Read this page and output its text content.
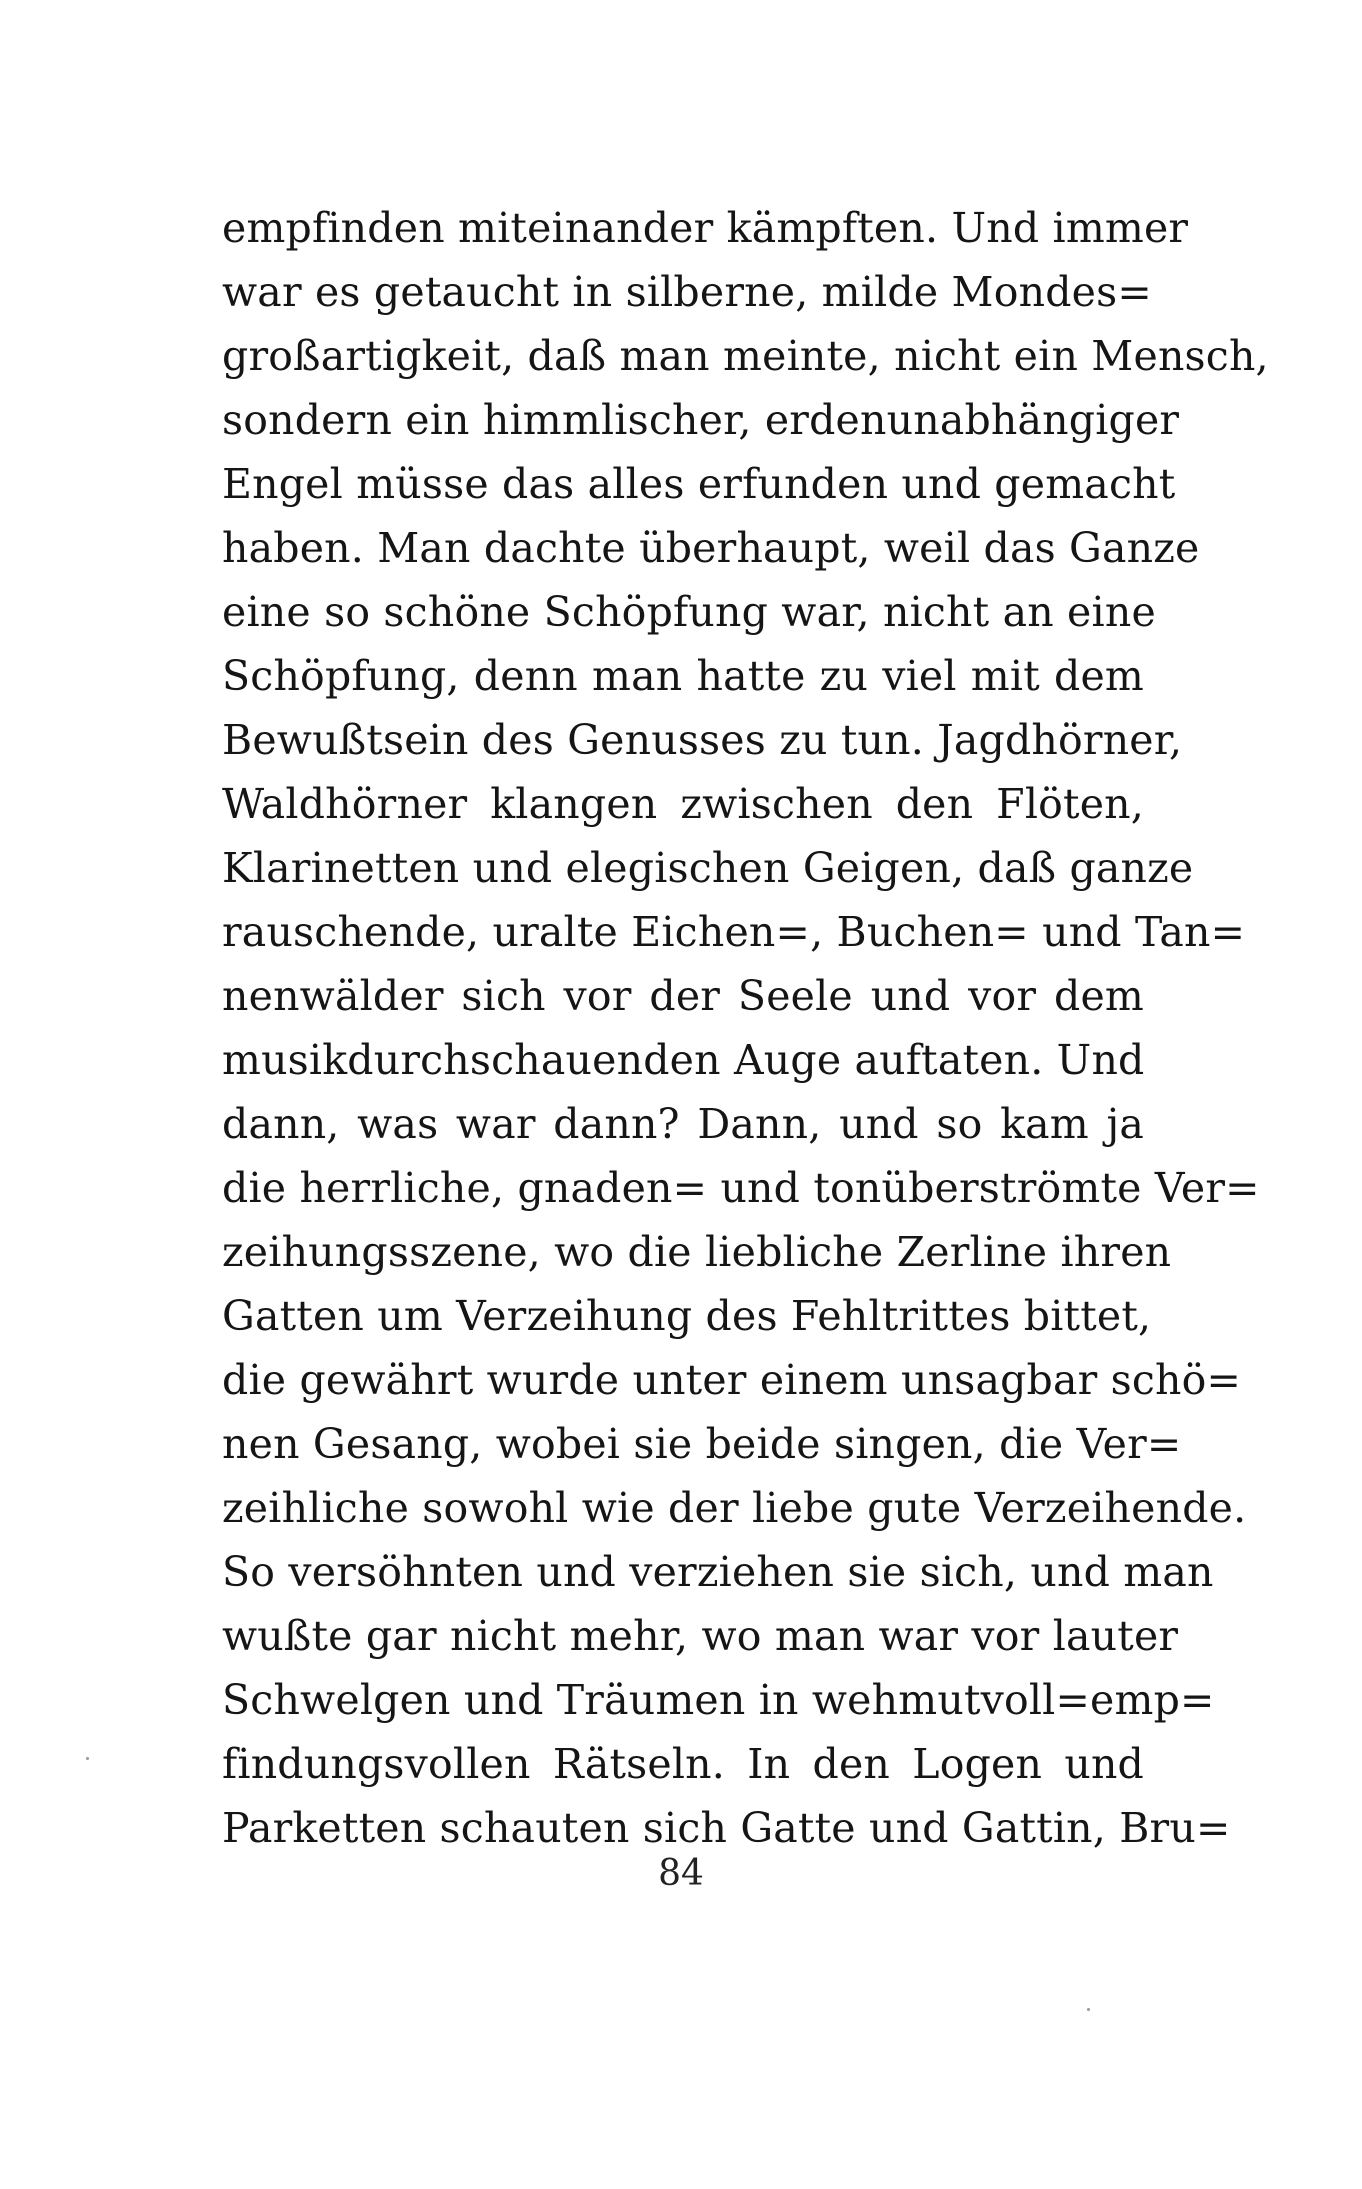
empfinden miteinander kämpften. Und immer
war es getaucht in silberne, milde Mondes=
großartigkeit, daß man meinte, nicht ein Mensch,
sondern ein himmlischer, erdenunabhängiger
Engel müsse das alles erfunden und gemacht
haben. Man dachte überhaupt, weil das Ganze
eine so schöne Schöpfung war, nicht an eine
Schöpfung, denn man hatte zu viel mit dem
Bewußtsein des Genusses zu tun. Jagdhörner,
Waldhörner klangen zwischen den Flöten,
Klarinetten und elegischen Geigen, daß ganze
rauschende, uralte Eichen=, Buchen= und Tan=
nenwälder sich vor der Seele und vor dem
musikdurchschauenden Auge auftaten. Und
dann, was war dann? Dann, und so kam ja
die herrliche, gnaden= und tonüberströmte Ver=
zeihungsszene, wo die liebliche Zerline ihren
Gatten um Verzeihung des Fehltrittes bittet,
die gewährt wurde unter einem unsagbar schö=
nen Gesang, wobei sie beide singen, die Ver=
zeihliche sowohl wie der liebe gute Verzeihende.
So versöhnten und verziehen sie sich, und man
wußte gar nicht mehr, wo man war vor lauter
Schwelgen und Träumen in wehmutvoll=emp=
findungsvollen Rätseln. In den Logen und
Parketten schauten sich Gatte und Gattin, Bru=
84
